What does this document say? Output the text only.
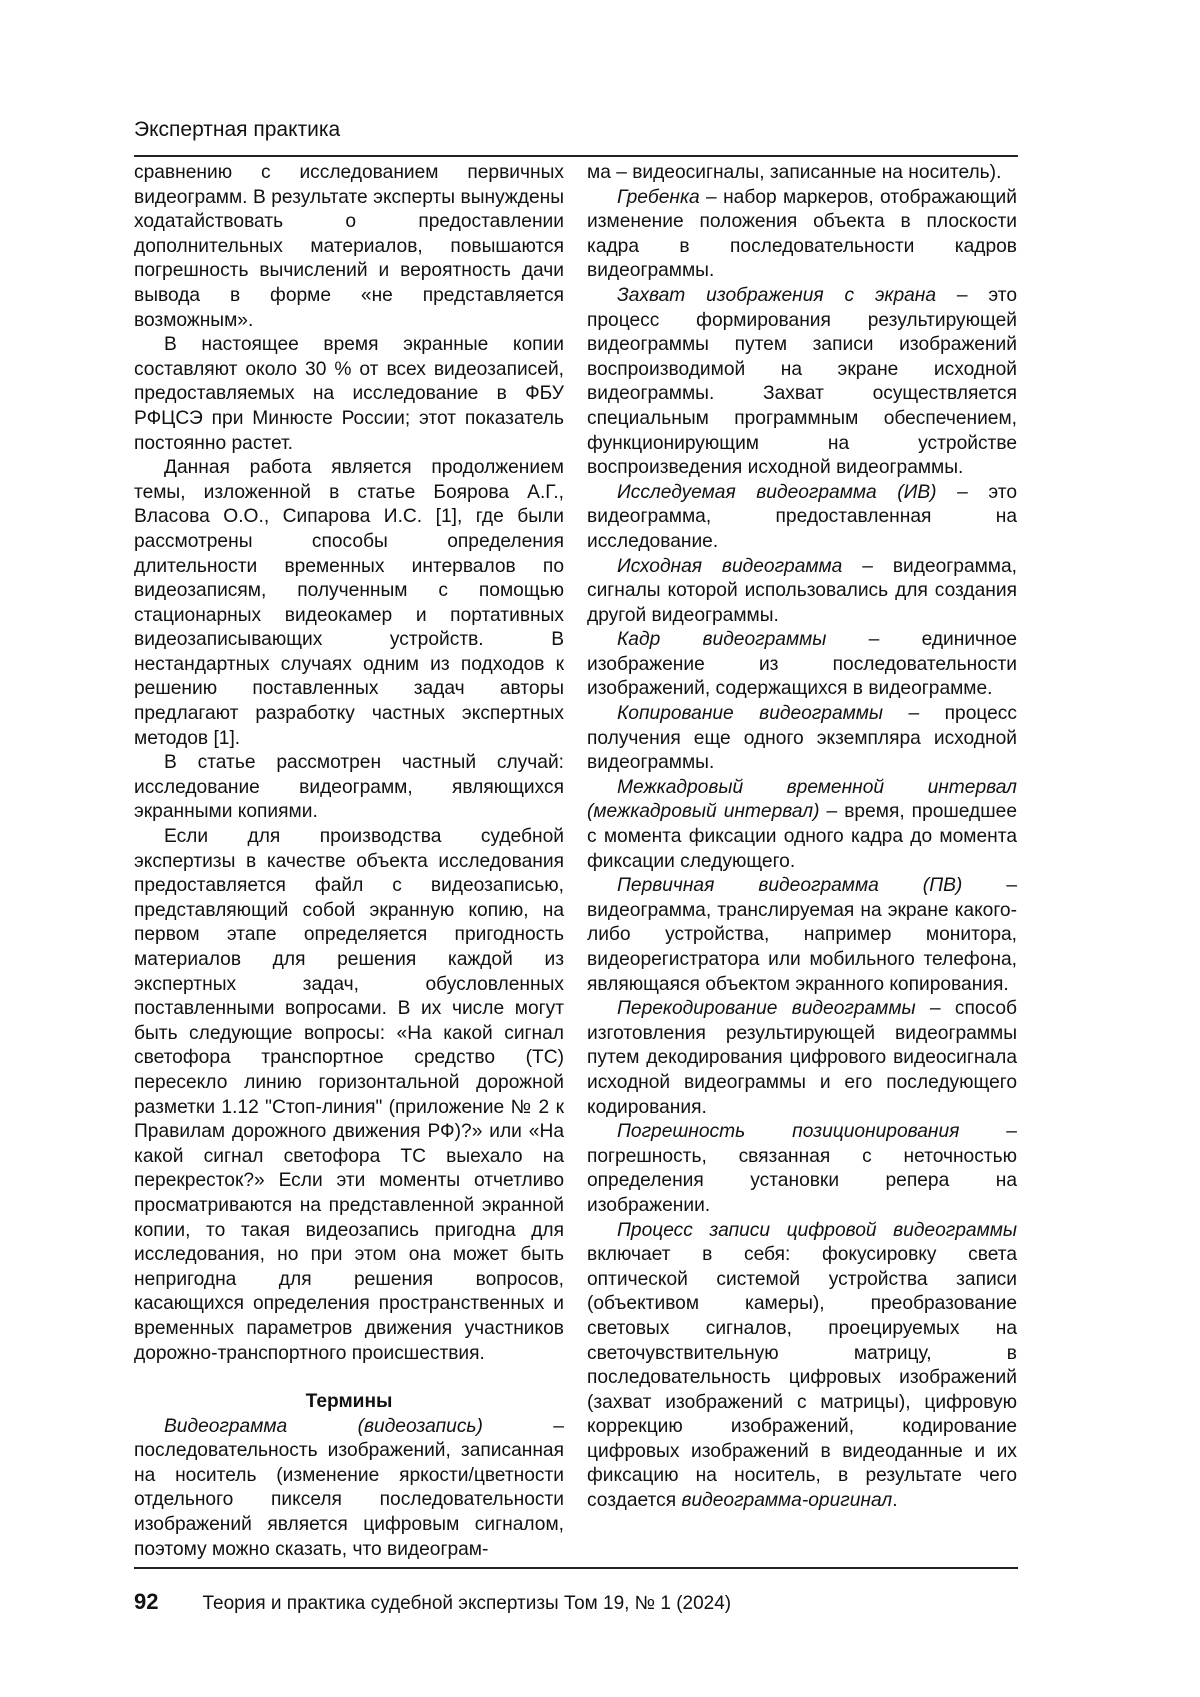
Экспертная практика

сравнению с исследованием первичных видеограмм. В результате эксперты вынуждены ходатайствовать о предоставлении дополнительных материалов, повышаются погрешность вычислений и вероятность дачи вывода в форме «не представляется возможным».

В настоящее время экранные копии составляют около 30 % от всех видеозаписей, предоставляемых на исследование в ФБУ РФЦСЭ при Минюсте России; этот показатель постоянно растет.

Данная работа является продолжением темы, изложенной в статье Боярова А.Г., Власова О.О., Сипарова И.С. [1], где были рассмотрены способы определения длительности временных интервалов по видеозаписям, полученным с помощью стационарных видеокамер и портативных видеозаписывающих устройств. В нестандартных случаях одним из подходов к решению поставленных задач авторы предлагают разработку частных экспертных методов [1].

В статье рассмотрен частный случай: исследование видеограмм, являющихся экранными копиями.

Если для производства судебной экспертизы в качестве объекта исследования предоставляется файл с видеозаписью, представляющий собой экранную копию, на первом этапе определяется пригодность материалов для решения каждой из экспертных задач, обусловленных поставленными вопросами. В их числе могут быть следующие вопросы: «На какой сигнал светофора транспортное средство (ТС) пересекло линию горизонтальной дорожной разметки 1.12 "Стоп-линия" (приложение № 2 к Правилам дорожного движения РФ)?» или «На какой сигнал светофора ТС выехало на перекресток?» Если эти моменты отчетливо просматриваются на представленной экранной копии, то такая видеозапись пригодна для исследования, но при этом она может быть непригодна для решения вопросов, касающихся определения пространственных и временных параметров движения участников дорожно-транспортного происшествия.

Термины

Видеограмма (видеозапись) – последовательность изображений, записанная на носитель (изменение яркости/цветности отдельного пикселя последовательности изображений является цифровым сигналом, поэтому можно сказать, что видеограм-

ма – видеосигналы, записанные на носитель).

Гребенка – набор маркеров, отображающий изменение положения объекта в плоскости кадра в последовательности кадров видеограммы.

Захват изображения с экрана – это процесс формирования результирующей видеограммы путем записи изображений воспроизводимой на экране исходной видеограммы. Захват осуществляется специальным программным обеспечением, функционирующим на устройстве воспроизведения исходной видеограммы.

Исследуемая видеограмма (ИВ) – это видеограмма, предоставленная на исследование.

Исходная видеограмма – видеограмма, сигналы которой использовались для создания другой видеограммы.

Кадр видеограммы – единичное изображение из последовательности изображений, содержащихся в видеограмме.

Копирование видеограммы – процесс получения еще одного экземпляра исходной видеограммы.

Межкадровый временной интервал (межкадровый интервал) – время, прошедшее с момента фиксации одного кадра до момента фиксации следующего.

Первичная видеограмма (ПВ) – видеограмма, транслируемая на экране какого-либо устройства, например монитора, видеорегистратора или мобильного телефона, являющаяся объектом экранного копирования.

Перекодирование видеограммы – способ изготовления результирующей видеограммы путем декодирования цифрового видеосигнала исходной видеограммы и его последующего кодирования.

Погрешность позиционирования – погрешность, связанная с неточностью определения установки репера на изображении.

Процесс записи цифровой видеограммы включает в себя: фокусировку света оптической системой устройства записи (объективом камеры), преобразование световых сигналов, проецируемых на светочувствительную матрицу, в последовательность цифровых изображений (захват изображений с матрицы), цифровую коррекцию изображений, кодирование цифровых изображений в видеоданные и их фиксацию на носитель, в результате чего создается видеограмма-оригинал.

92 Теория и практика судебной экспертизы Том 19, № 1 (2024)
